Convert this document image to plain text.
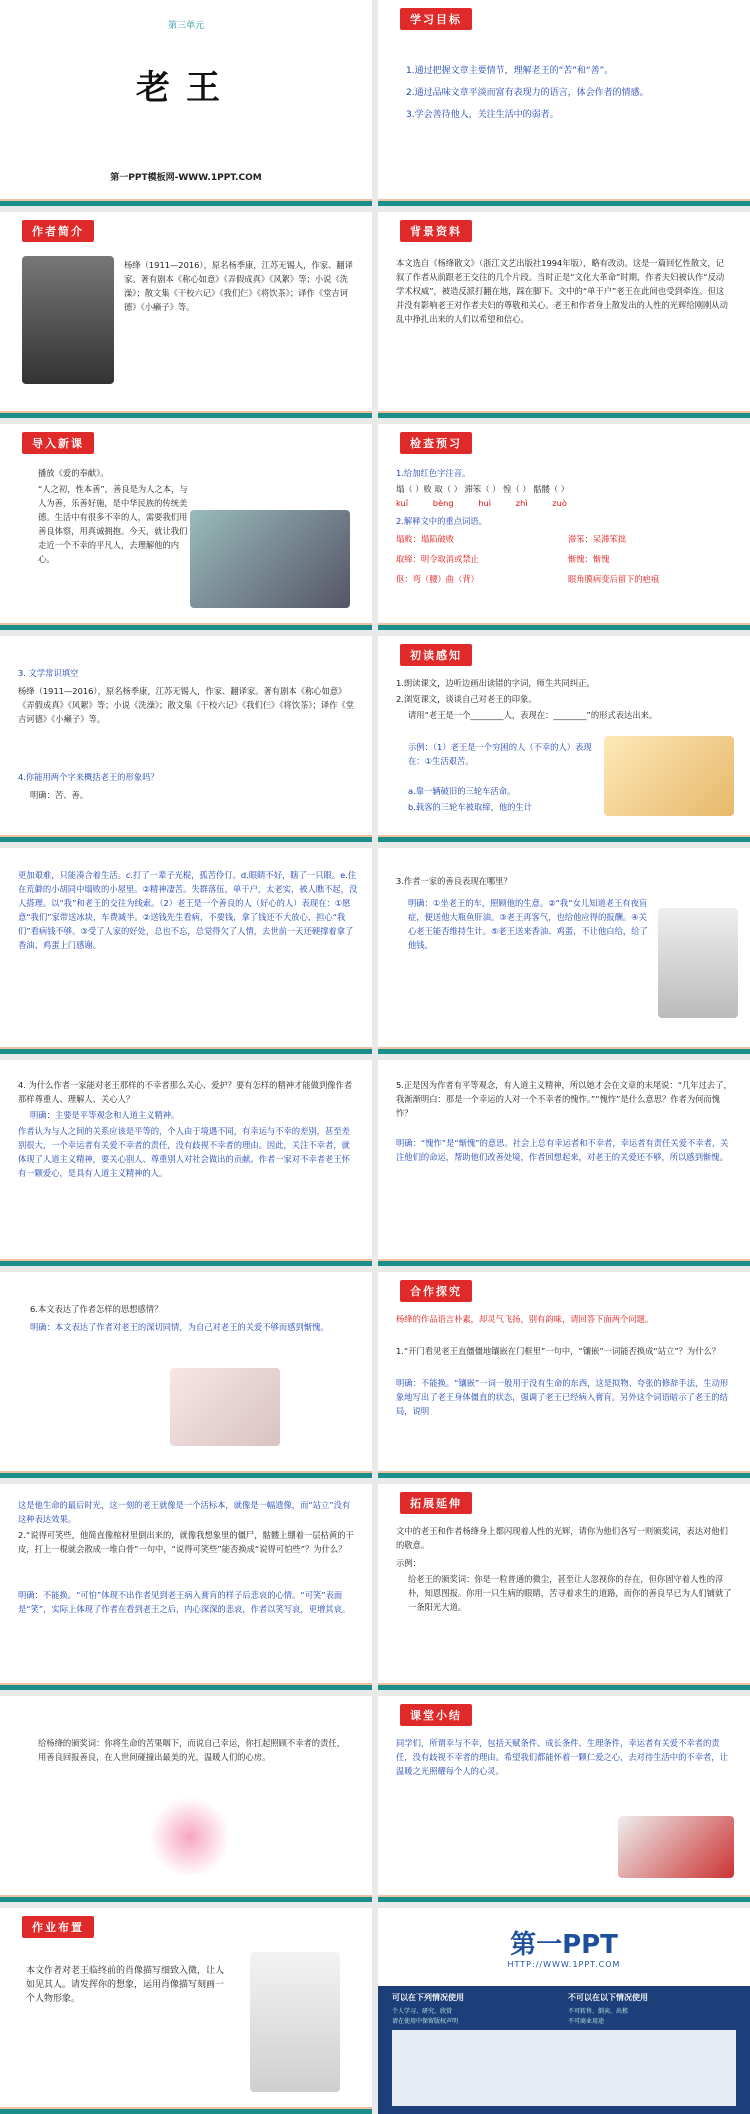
第三单元
老王
第一PPT模板网-WWW.1PPT.COM
学习目标

1.通过把握文章主要情节，理解老王的“苦”和“善”。

2.通过品味文章平淡而富有表现力的语言，体会作者的情感。

3.学会善待他人，关注生活中的弱者。

作者简介
杨绛（1911—2016），原名杨季康，江苏无锡人，作家、翻译家。著有剧本《称心如意》《弄假成真》《风絮》等；小说《洗澡》；散文集《干校六记》《我们仨》《将饮茶》；译作《堂吉诃德》《小癞子》等。
背景资料
本文选自《杨绛散文》（浙江文艺出版社1994年版），略有改动。这是一篇回忆性散文，记叙了作者从前跟老王交往的几个片段。当时正是“文化大革命”时期，作者夫妇被认作“反动学术权威”，被造反派打翻在地，踩在脚下。文中的“单干户”老王在此间也受到牵连。但这并没有影响老王对作者夫妇的尊敬和关心。老王和作者身上散发出的人性的光辉给刚刚从动乱中挣扎出来的人们以希望和信心。
导入新课
播放《爱的奉献》。
“人之初，性本善”，善良是为人之本，与人为善，乐善好施，是中华民族的传统美德。生活中有很多不幸的人，需要我们用善良体察，用真诚拥抱。今天，就让我们走近一个不幸的平凡人，去理解他的内心。
检查预习
1.给加红色字注音。
塌（ ）败 取（ ） 滞笨（ ） 惶（ ） 骷髅（ ）
kuǐ bèng huì zhì zuò
2.解释文中的重点词语。
塌败：塌陷破败	滞笨：呆滞笨拙
取缔：明令取消或禁止	惭愧：惭愧
伛：弯（腰）曲（背）	眼角膜病变后留下的疤痕
3. 文学常识填空
杨绛（1911—2016），原名杨季康，江苏无锡人，作家、翻译家。著有剧本《称心如意》《弄假成真》《风絮》等；小说《洗澡》；散文集《干校六记》《我们仨》《将饮茶》；译作《堂吉诃德》《小癞子》等。
4.你能用两个字来概括老王的形象吗？
明确：苦、善。
初读感知
1.朗读课文，边听边画出读错的字词，师生共同纠正。
2.浏览课文，谈谈自己对老王的印象。
请用“老王是一个________人，表现在：________”的形式表达出来。
示例：（1）老王是一个穷困的人（不幸的人）表现在：①生活艰苦。
a.靠一辆破旧的三轮车活命。
b.载客的三轮车被取缔，他的生计
更加艰难，只能凑合着生活。c.打了一辈子光棍，孤苦伶仃。d.眼睛不好，瞎了一只眼。e.住在荒僻的小胡同中塌败的小屋里。②精神凄苦。失群落伍，单干户，太老实，被人瞧不起，没人搭理。以“我”和老王的交往为线索。（2）老王是一个善良的人（好心的人）表现在：①愿意“我们”家带送冰块，车费减半。②送钱先生看病，不要钱，拿了钱还不大放心，担心“我们”看病钱不够。③受了人家的好处，总也不忘，总觉得欠了人情，去世前一天还硬撑着拿了香油、鸡蛋上门感谢。
3.作者一家的善良表现在哪里？
明确：①坐老王的车，照顾他的生意。②“我”女儿知道老王有夜盲症，便送他大瓶鱼肝油。③老王再客气，也给他应得的报酬。④关心老王能否维持生计。⑤老王送来香油、鸡蛋，不让他白给，给了他钱。
4. 为什么作者一家能对老王那样的不幸者那么关心、爱护？要有怎样的精神才能做到像作者那样尊重人、理解人、关心人？
明确：主要是平等观念和人道主义精神。
作者认为与人之间的关系应该是平等的，个人由于境遇不同，有幸运与不幸的差别，甚至差别很大，一个幸运者有关爱不幸者的责任，没有歧视不幸者的理由。因此，关注不幸者，就体现了人道主义精神，要关心别人、尊重别人对社会做出的贡献。作者一家对不幸者老王怀有一颗爱心，是具有人道主义精神的人。
5.正是因为作者有平等观念，有人道主义精神，所以她才会在文章的末尾说：“几年过去了，我渐渐明白：那是一个幸运的人对一个不幸者的愧怍。”“愧怍”是什么意思？作者为何而愧怍？
明确：“愧怍”是“惭愧”的意思。社会上总有幸运者和不幸者，幸运者有责任关爱不幸者，关注他们的命运，帮助他们改善处境，作者回想起来，对老王的关爱还不够，所以感到惭愧。
6.本文表达了作者怎样的思想感情？
明确：本文表达了作者对老王的深切同情，为自己对老王的关爱不够而感到惭愧。
合作探究
杨绛的作品语言朴素，却灵气飞扬，别有韵味，请回答下面两个问题。
1.“开门看见老王直僵僵地镶嵌在门框里”一句中，“镶嵌”一词能否换成“站立”？为什么？
明确：不能换。“镶嵌”一词一般用于没有生命的东西，这是拟物、夸张的修辞手法，生动形象地写出了老王身体僵直的状态，强调了老王已经病入膏肓。另外这个词语暗示了老王的结局，说明
这是他生命的最后时光，这一刻的老王就像是一个活标本，就像是一幅遗像，而“站立”没有这种表达效果。
2.“说得可笑些，他简直像棺材里倒出来的，就像我想象里的僵尸，骷髅上绷着一层枯黄的干皮，打上一棍就会散成一堆白骨”一句中，“说得可笑些”能否换成“说得可怕些”？为什么？
明确：不能换。“可怕”体现不出作者见到老王病入膏肓的样子后悲哀的心情。“可笑”表面是“笑”，实际上体现了作者在看到老王之后，内心深深的悲哀，作者以笑写哀，更增其哀。
拓展延伸
文中的老王和作者杨绛身上都闪现着人性的光辉，请你为他们各写一则颁奖词，表达对他们的敬意。
示例：
给老王的颁奖词：你是一粒普通的微尘，甚至让人忽视你的存在，但你固守着人性的淳朴，知恩图报。你用一只生病的眼睛，苦寻着求生的道路，而你的善良早已为人们铺就了一条阳光大道。
给杨绛的颁奖词：你将生命的苦果咽下，而说自己幸运，你扛起照顾不幸者的责任，用善良回报善良，在人世间碰撞出最美的光，温暖人们的心房。
课堂小结
同学们，所谓幸与不幸，包括天赋条件、成长条件、生理条件，幸运者有关爱不幸者的责任，没有歧视不幸者的理由。希望我们都能怀着一颗仁爱之心，去对待生活中的不幸者，让温暖之光照耀每个人的心灵。
作业布置
本文作者对老王临终前的肖像描写细致入微，让人如见其人。请发挥你的想象，运用肖像描写刻画一个人物形象。
第一PPT
HTTP://WWW.1PPT.COM
可以在下列情况使用	不可以在以下情况使用
个人学习、研究、欣赏	不可转售、倒卖、出租
请在使用中保留版权声明	不可商业用途
